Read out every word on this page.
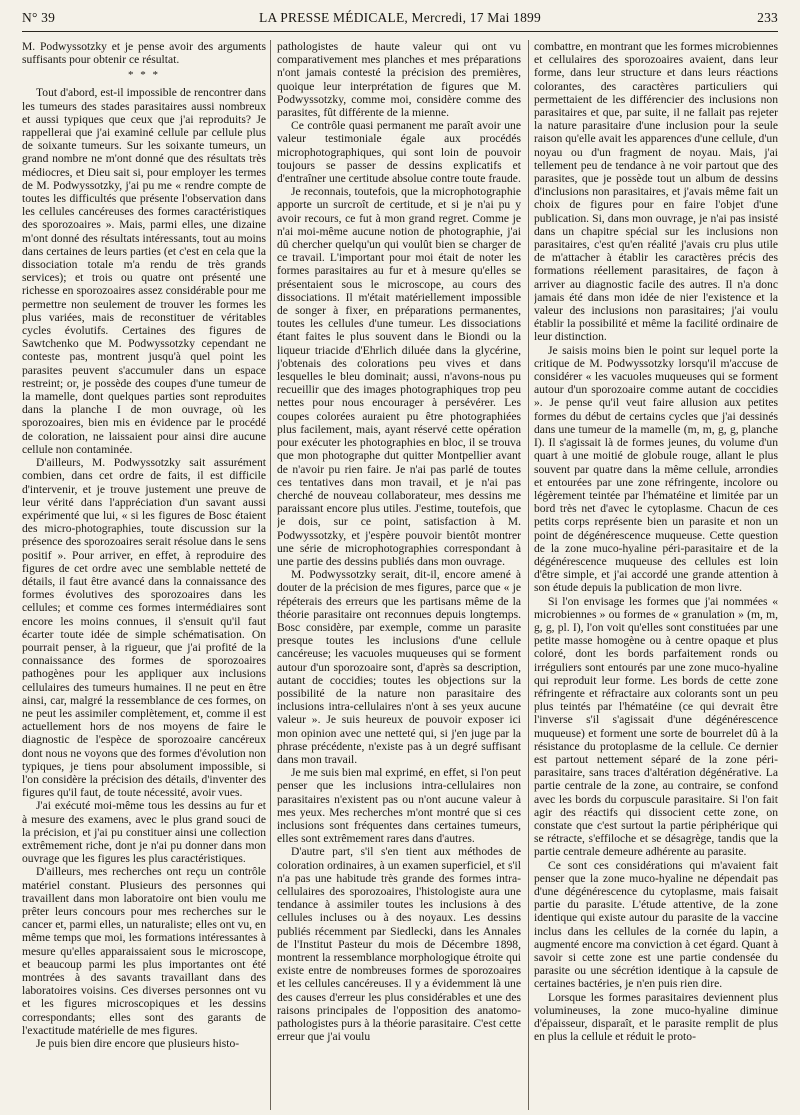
N° 39	LA PRESSE MÉDICALE, Mercredi, 17 Mai 1899	233

M. Podwyssotzky et je pense avoir des arguments suffisants pour obtenir ce résultat.

* * *

Tout d'abord, est-il impossible de rencontrer dans les tumeurs des stades parasitaires aussi nombreux et aussi typiques que ceux que j'ai reproduits? Je rappellerai que j'ai examiné cellule par cellule plus de soixante tumeurs. Sur les soixante tumeurs, un grand nombre ne m'ont donné que des résultats très médiocres, et Dieu sait si, pour employer les termes de M. Podwyssotzky, j'ai pu me « rendre compte de toutes les difficultés que présente l'observation dans les cellules cancéreuses des formes caractéristiques des sporozoaires ». Mais, parmi elles, une dizaine m'ont donné des résultats intéressants, tout au moins dans certaines de leurs parties (et c'est en cela que la dissociation totale m'a rendu de très grands services); et trois ou quatre ont présenté une richesse en sporozoaires assez considérable pour me permettre non seulement de trouver les formes les plus variées, mais de reconstituer de véritables cycles évolutifs. Certaines des figures de Sawtchenko que M. Podwyssotzky cependant ne conteste pas, montrent jusqu'à quel point les parasites peuvent s'accumuler dans un espace restreint; or, je possède des coupes d'une tumeur de la mamelle, dont quelques parties sont reproduites dans la planche I de mon ouvrage, où les sporozoaires, bien mis en évidence par le procédé de coloration, ne laissaient pour ainsi dire aucune cellule non contaminée.

D'ailleurs, M. Podwyssotzky sait assurément combien, dans cet ordre de faits, il est difficile d'intervenir, et je trouve justement une preuve de leur vérité dans l'appréciation d'un savant aussi expérimenté que lui, « si les figures de Bosc étaient des micro-photographies, toute discussion sur la présence des sporozoaires serait résolue dans le sens positif ». Pour arriver, en effet, à reproduire des figures de cet ordre avec une semblable netteté de détails, il faut être avancé dans la connaissance des formes évolutives des sporozoaires dans les cellules; et comme ces formes intermédiaires sont encore les moins connues, il s'ensuit qu'il faut écarter toute idée de simple schématisation. On pourrait penser, à la rigueur, que j'ai profité de la connaissance des formes de sporozoaires pathogènes pour les appliquer aux inclusions cellulaires des tumeurs humaines. Il ne peut en être ainsi, car, malgré la ressemblance de ces formes, on ne peut les assimiler complètement, et, comme il est actuellement hors de nos moyens de faire le diagnostic de l'espèce de sporozoaire cancéreux dont nous ne voyons que des formes d'évolution non typiques, je tiens pour absolument impossible, si l'on considère la précision des détails, d'inventer des figures qu'il faut, de toute nécessité, avoir vues.

J'ai exécuté moi-même tous les dessins au fur et à mesure des examens, avec le plus grand souci de la précision, et j'ai pu constituer ainsi une collection extrêmement riche, dont je n'ai pu donner dans mon ouvrage que les figures les plus caractéristiques.

D'ailleurs, mes recherches ont reçu un contrôle matériel constant. Plusieurs des personnes qui travaillent dans mon laboratoire ont bien voulu me prêter leurs concours pour mes recherches sur le cancer et, parmi elles, un naturaliste; elles ont vu, en même temps que moi, les formations intéressantes à mesure qu'elles apparaissaient sous le microscope, et beaucoup parmi les plus importantes ont été montrées à des savants travaillant dans des laboratoires voisins. Ces diverses personnes ont vu et les figures microscopiques et les dessins correspondants; elles sont des garants de l'exactitude matérielle de mes figures.

Je puis bien dire encore que plusieurs histo-

pathologistes de haute valeur qui ont vu comparativement mes planches et mes préparations n'ont jamais contesté la précision des premières, quoique leur interprétation de figures que M. Podwyssotzky, comme moi, considère comme des parasites, fût différente de la mienne.

Ce contrôle quasi permanent me paraît avoir une valeur testimoniale égale aux procédés microphotographiques, qui sont loin de pouvoir toujours se passer de dessins explicatifs et d'entraîner une certitude absolue contre toute fraude.

Je reconnais, toutefois, que la microphotographie apporte un surcroît de certitude, et si je n'ai pu y avoir recours, ce fut à mon grand regret. Comme je n'ai moi-même aucune notion de photographie, j'ai dû chercher quelqu'un qui voulût bien se charger de ce travail. L'important pour moi était de noter les formes parasitaires au fur et à mesure qu'elles se présentaient sous le microscope, au cours des dissociations. Il m'était matériellement impossible de songer à fixer, en préparations permanentes, toutes les cellules d'une tumeur. Les dissociations étant faites le plus souvent dans le Biondi ou la liqueur triacide d'Ehrlich diluée dans la glycérine, j'obtenais des colorations peu vives et dans lesquelles le bleu dominait; aussi, n'avons-nous pu recueillir que des images photographiques trop peu nettes pour nous encourager à persévérer. Les coupes colorées auraient pu être photographiées plus facilement, mais, ayant réservé cette opération pour exécuter les photographies en bloc, il se trouva que mon photographe dut quitter Montpellier avant de n'avoir pu rien faire. Je n'ai pas parlé de toutes ces tentatives dans mon travail, et je n'ai pas cherché de nouveau collaborateur, mes dessins me paraissant encore plus utiles. J'estime, toutefois, que je dois, sur ce point, satisfaction à M. Podwyssotzky, et j'espère pouvoir bientôt montrer une série de microphotographies correspondant à une partie des dessins publiés dans mon ouvrage.

M. Podwyssotzky serait, dit-il, encore amené à douter de la précision de mes figures, parce que « je répéterais des erreurs que les partisans même de la théorie parasitaire ont reconnues depuis longtemps. Bosc considère, par exemple, comme un parasite presque toutes les inclusions d'une cellule cancéreuse; les vacuoles muqueuses qui se forment autour d'un sporozoaire sont, d'après sa description, autant de coccidies; toutes les objections sur la possibilité de la nature non parasitaire des inclusions intra-cellulaires n'ont à ses yeux aucune valeur ». Je suis heureux de pouvoir exposer ici mon opinion avec une netteté qui, si j'en juge par la phrase précédente, n'existe pas à un degré suffisant dans mon travail.

Je me suis bien mal exprimé, en effet, si l'on peut penser que les inclusions intra-cellulaires non parasitaires n'existent pas ou n'ont aucune valeur à mes yeux. Mes recherches m'ont montré que si ces inclusions sont fréquentes dans certaines tumeurs, elles sont extrêmement rares dans d'autres.

D'autre part, s'il s'en tient aux méthodes de coloration ordinaires, à un examen superficiel, et s'il n'a pas une habitude très grande des formes intra-cellulaires des sporozoaires, l'histologiste aura une tendance à assimiler toutes les inclusions à des cellules incluses ou à des noyaux. Les dessins publiés récemment par Siedlecki, dans les Annales de l'Institut Pasteur du mois de Décembre 1898, montrent la ressemblance morphologique étroite qui existe entre de nombreuses formes de sporozoaires et les cellules cancéreuses. Il y a évidemment là une des causes d'erreur les plus considérables et une des raisons principales de l'opposition des anatomo-pathologistes purs à la théorie parasitaire. C'est cette erreur que j'ai voulu

combattre, en montrant que les formes microbiennes et cellulaires des sporozoaires avaient, dans leur forme, dans leur structure et dans leurs réactions colorantes, des caractères particuliers qui permettaient de les différencier des inclusions non parasitaires et que, par suite, il ne fallait pas rejeter la nature parasitaire d'une inclusion pour la seule raison qu'elle avait les apparences d'une cellule, d'un noyau ou d'un fragment de noyau. Mais, j'ai tellement peu de tendance à ne voir partout que des parasites, que je possède tout un album de dessins d'inclusions non parasitaires, et j'avais même fait un choix de figures pour en faire l'objet d'une publication. Si, dans mon ouvrage, je n'ai pas insisté dans un chapitre spécial sur les inclusions non parasitaires, c'est qu'en réalité j'avais cru plus utile de m'attacher à établir les caractères précis des formations réellement parasitaires, de façon à arriver au diagnostic facile des autres. Il n'a donc jamais été dans mon idée de nier l'existence et la valeur des inclusions non parasitaires; j'ai voulu établir la possibilité et même la facilité ordinaire de leur distinction.

Je saisis moins bien le point sur lequel porte la critique de M. Podwyssotzky lorsqu'il m'accuse de considérer « les vacuoles muqueuses qui se forment autour d'un sporozoaire comme autant de coccidies ». Je pense qu'il veut faire allusion aux petites formes du début de certains cycles que j'ai dessinés dans une tumeur de la mamelle (m, m, g, g, planche I). Il s'agissait là de formes jeunes, du volume d'un quart à une moitié de globule rouge, allant le plus souvent par quatre dans la même cellule, arrondies et entourées par une zone réfringente, incolore ou légèrement teintée par l'hématéine et limitée par un bord très net d'avec le cytoplasme. Chacun de ces petits corps représente bien un parasite et non un point de dégénérescence muqueuse. Cette question de la zone muco-hyaline péri-parasitaire et de la dégénérescence muqueuse des cellules est loin d'être simple, et j'ai accordé une grande attention à son étude depuis la publication de mon livre.

Si l'on envisage les formes que j'ai nommées « microbiennes » ou formes de « granulation » (m, m, g, g, pl. I), l'on voit qu'elles sont constituées par une petite masse homogène ou à centre opaque et plus coloré, dont les bords parfaitement ronds ou irréguliers sont entourés par une zone muco-hyaline qui reproduit leur forme. Les bords de cette zone réfringente et réfractaire aux colorants sont un peu plus teintés par l'hématéine (ce qui devrait être l'inverse s'il s'agissait d'une dégénérescence muqueuse) et forment une sorte de bourrelet dû à la résistance du protoplasme de la cellule. Ce dernier est partout nettement séparé de la zone péri-parasitaire, sans traces d'altération dégénérative. La partie centrale de la zone, au contraire, se confond avec les bords du corpuscule parasitaire. Si l'on fait agir des réactifs qui dissocient cette zone, on constate que c'est surtout la partie périphérique qui se rétracte, s'effiloche et se désagrège, tandis que la partie centrale demeure adhérente au parasite.

Ce sont ces considérations qui m'avaient fait penser que la zone muco-hyaline ne dépendait pas d'une dégénérescence du cytoplasme, mais faisait partie du parasite. L'étude attentive, de la zone identique qui existe autour du parasite de la vaccine inclus dans les cellules de la cornée du lapin, a augmenté encore ma conviction à cet égard. Quant à savoir si cette zone est une partie condensée du parasite ou une sécrétion identique à la capsule de certaines bactéries, je n'en puis rien dire.

Lorsque les formes parasitaires deviennent plus volumineuses, la zone muco-hyaline diminue d'épaisseur, disparaît, et le parasite remplit de plus en plus la cellule et réduit le proto-
